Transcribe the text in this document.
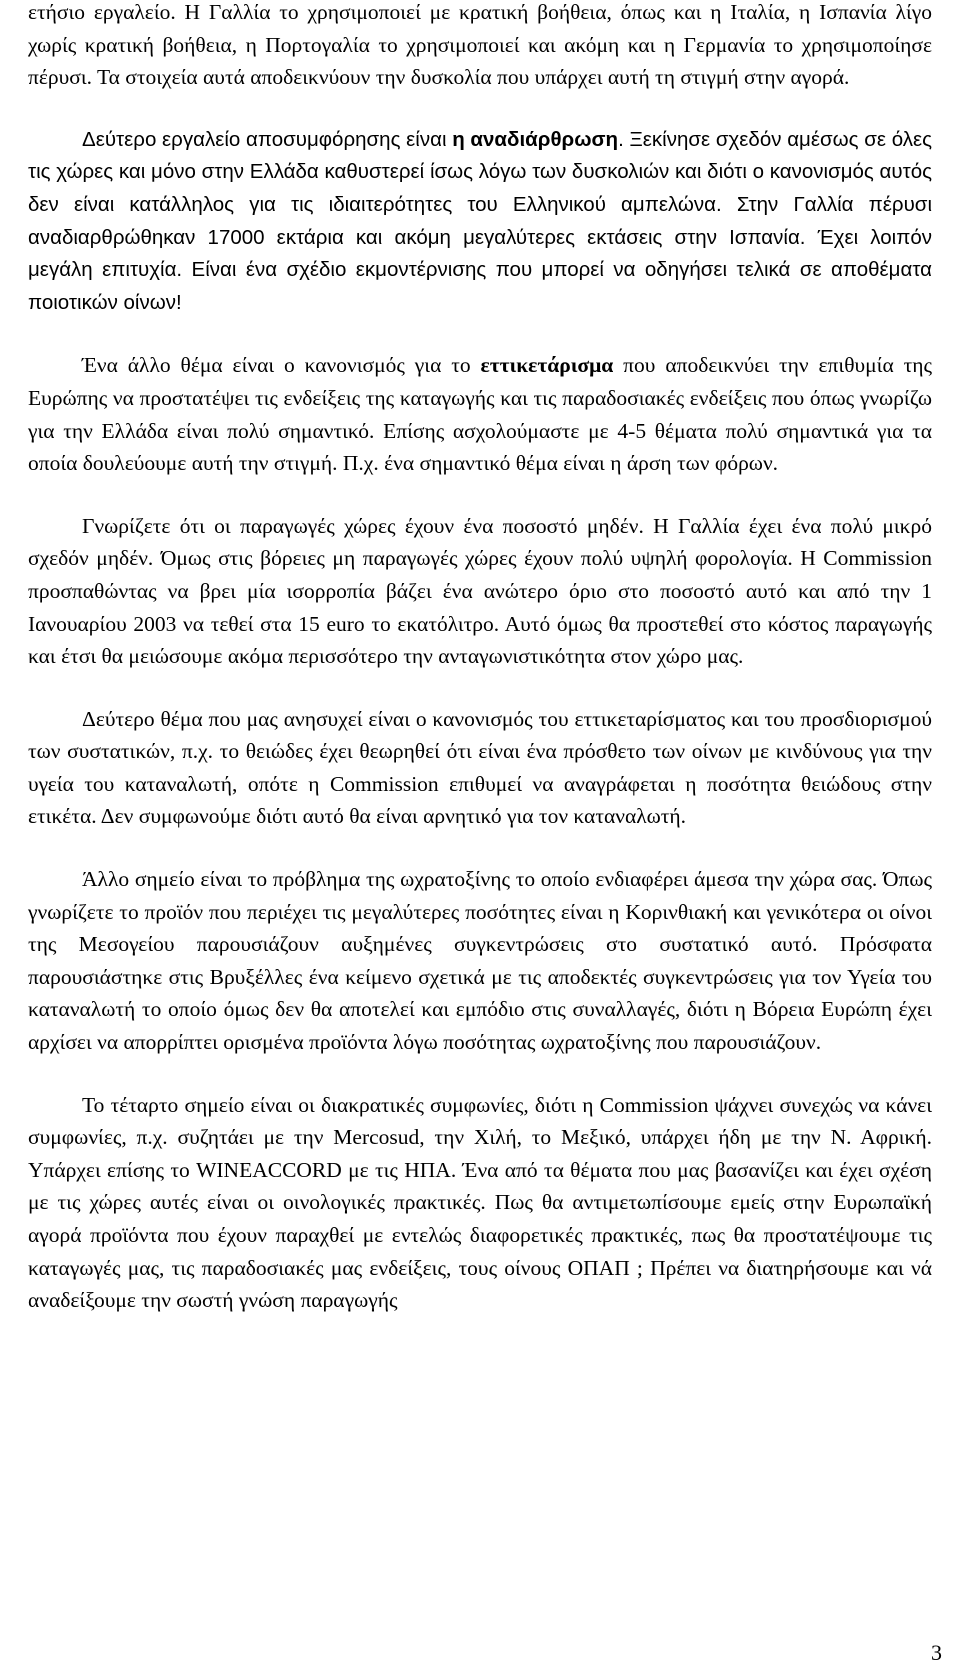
ετήσιο εργαλείο. Η Γαλλία το χρησιμοποιεί με κρατική βοήθεια, όπως και η Ιταλία, η Ισπανία λίγο χωρίς κρατική βοήθεια, η Πορτογαλία το χρησιμοποιεί και ακόμη και η Γερμανία το χρησιμοποίησε πέρυσι. Τα στοιχεία αυτά αποδεικνύουν την δυσκολία που υπάρχει αυτή τη στιγμή στην αγορά.

Δεύτερο εργαλείο αποσυμφόρησης είναι η αναδιάρθρωση. Ξεκίνησε σχεδόν αμέσως σε όλες τις χώρες και μόνο στην Ελλάδα καθυστερεί ίσως λόγω των δυσκολιών και διότι ο κανονισμός αυτός δεν είναι κατάλληλος για τις ιδιαιτερότητες του Ελληνικού αμπελώνα. Στην Γαλλία πέρυσι αναδιαρθρώθηκαν 17000 εκτάρια και ακόμη μεγαλύτερες εκτάσεις στην Ισπανία. Έχει λοιπόν μεγάλη επιτυχία. Είναι ένα σχέδιο εκμοντέρνισης που μπορεί να οδηγήσει τελικά σε αποθέματα ποιοτικών οίνων!

Ένα άλλο θέμα είναι ο κανονισμός για το εττικετάρισμα που αποδεικνύει την επιθυμία της Ευρώπης να προστατέψει τις ενδείξεις της καταγωγής και τις παραδοσιακές ενδείξεις που όπως γνωρίζω για την Ελλάδα είναι πολύ σημαντικό. Επίσης ασχολούμαστε με 4-5 θέματα πολύ σημαντικά για τα οποία δουλεύουμε αυτή την στιγμή. Π.χ. ένα σημαντικό θέμα είναι η άρση των φόρων.

Γνωρίζετε ότι οι παραγωγές χώρες έχουν ένα ποσοστό μηδέν. Η Γαλλία έχει ένα πολύ μικρό σχεδόν μηδέν. Όμως στις βόρειες μη παραγωγές χώρες έχουν πολύ υψηλή φορολογία. Η Commission προσπαθώντας να βρει μία ισορροπία βάζει ένα ανώτερο όριο στο ποσοστό αυτό και από την 1 Ιανουαρίου 2003 να τεθεί στα 15 euro το εκατόλιτρο. Αυτό όμως θα προστεθεί στο κόστος παραγωγής και έτσι θα μειώσουμε ακόμα περισσότερο την ανταγωνιστικότητα στον χώρο μας.

Δεύτερο θέμα που μας ανησυχεί είναι ο κανονισμός του εττικεταρίσματος και του προσδιορισμού των συστατικών, π.χ. το θειώδες έχει θεωρηθεί ότι είναι ένα πρόσθετο των οίνων με κινδύνους για την υγεία του καταναλωτή, οπότε η Commission επιθυμεί να αναγράφεται η ποσότητα θειώδους στην ετικέτα. Δεν συμφωνούμε διότι αυτό θα είναι αρνητικό για τον καταναλωτή.

Άλλο σημείο είναι το πρόβλημα της ωχρατοξίνης το οποίο ενδιαφέρει άμεσα την χώρα σας. Όπως γνωρίζετε το προϊόν που περιέχει τις μεγαλύτερες ποσότητες είναι η Κορινθιακή και γενικότερα οι οίνοι της Μεσογείου παρουσιάζουν αυξημένες συγκεντρώσεις στο συστατικό αυτό. Πρόσφατα παρουσιάστηκε στις Βρυξέλλες ένα κείμενο σχετικά με τις αποδεκτές συγκεντρώσεις για τον Υγεία του καταναλωτή το οποίο όμως δεν θα αποτελεί και εμπόδιο στις συναλλαγές, διότι η Βόρεια Ευρώπη έχει αρχίσει να απορρίπτει ορισμένα προϊόντα λόγω ποσότητας ωχρατοξίνης που παρουσιάζουν.

Το τέταρτο σημείο είναι οι διακρατικές συμφωνίες, διότι η Commission ψάχνει συνεχώς να κάνει συμφωνίες, π.χ. συζητάει με την Mercosud, την Χιλή, το Μεξικό, υπάρχει ήδη με την Ν. Αφρική. Υπάρχει επίσης το WINEACCORD με τις ΗΠΑ. Ένα από τα θέματα που μας βασανίζει και έχει σχέση με τις χώρες αυτές είναι οι οινολογικές πρακτικές. Πως θα αντιμετωπίσουμε εμείς στην Ευρωπαϊκή αγορά προϊόντα που έχουν παραχθεί με εντελώς διαφορετικές πρακτικές, πως θα προστατέψουμε τις καταγωγές μας, τις παραδοσιακές μας ενδείξεις, τους οίνους ΟΠΑΠ ; Πρέπει να διατηρήσουμε και νά αναδείξουμε την σωστή γνώση παραγωγής

3
